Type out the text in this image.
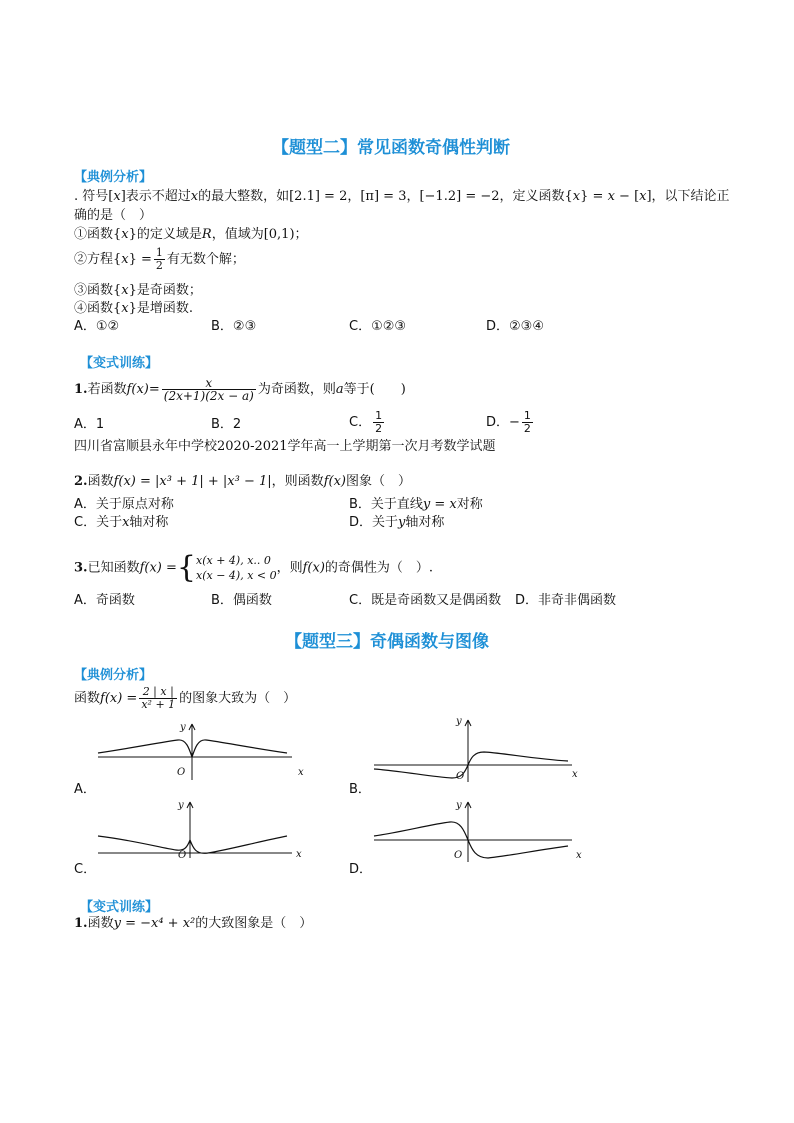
【题型二】常见函数奇偶性判断
【典例分析】
. 符号[x]表示不超过x的最大整数，如[2.1] = 2，[π] = 3，[−1.2] = −2，定义函数{x} = x − [x]，以下结论正
确的是（　）
①函数{x}的定义域是R，值域为[0,1)；
②方程$\{x\} = \frac{1}{2}$ 有无数个解；
③函数{x}是奇函数；
④函数{x}是增函数.
A．①②	B．②③	C．①②③	D．②③④
【变式训练】
1.若函数$f(x)= \frac{x}{(2x+1)(2x - a)}$ 为奇函数，则a等于(　　)
A．1	B．2	C． $\frac{1}{2}$	D．− $\frac{1}{2}$
四川省富顺县永年中学校2020-2021学年高一上学期第一次月考数学试题
2.函数f(x) = |x³ + 1| + |x³ − 1|，则函数f(x)图象（　）
A．关于原点对称	B．关于直线y = x对称
C．关于x轴对称	D．关于y轴对称
3.已知函数f(x) ={ x(x + 4), x.. 0
x(x − 4), x < 0 ，则f(x)的奇偶性为（　）.
A．奇函数	B．偶函数	C．既是奇函数又是偶函数 D．非奇非偶函数
【题型三】奇偶函数与图像
【典例分析】
函数$f(x) = \frac{2 | x |}{\text{x² + 1}}$ 的图象大致为（　）
y
x
O
A．
y
x
O
B．
y
x
O
C．
y
x
O
D．
【变式训练】
1.函数y = −x⁴ + x²的大致图象是（　）
